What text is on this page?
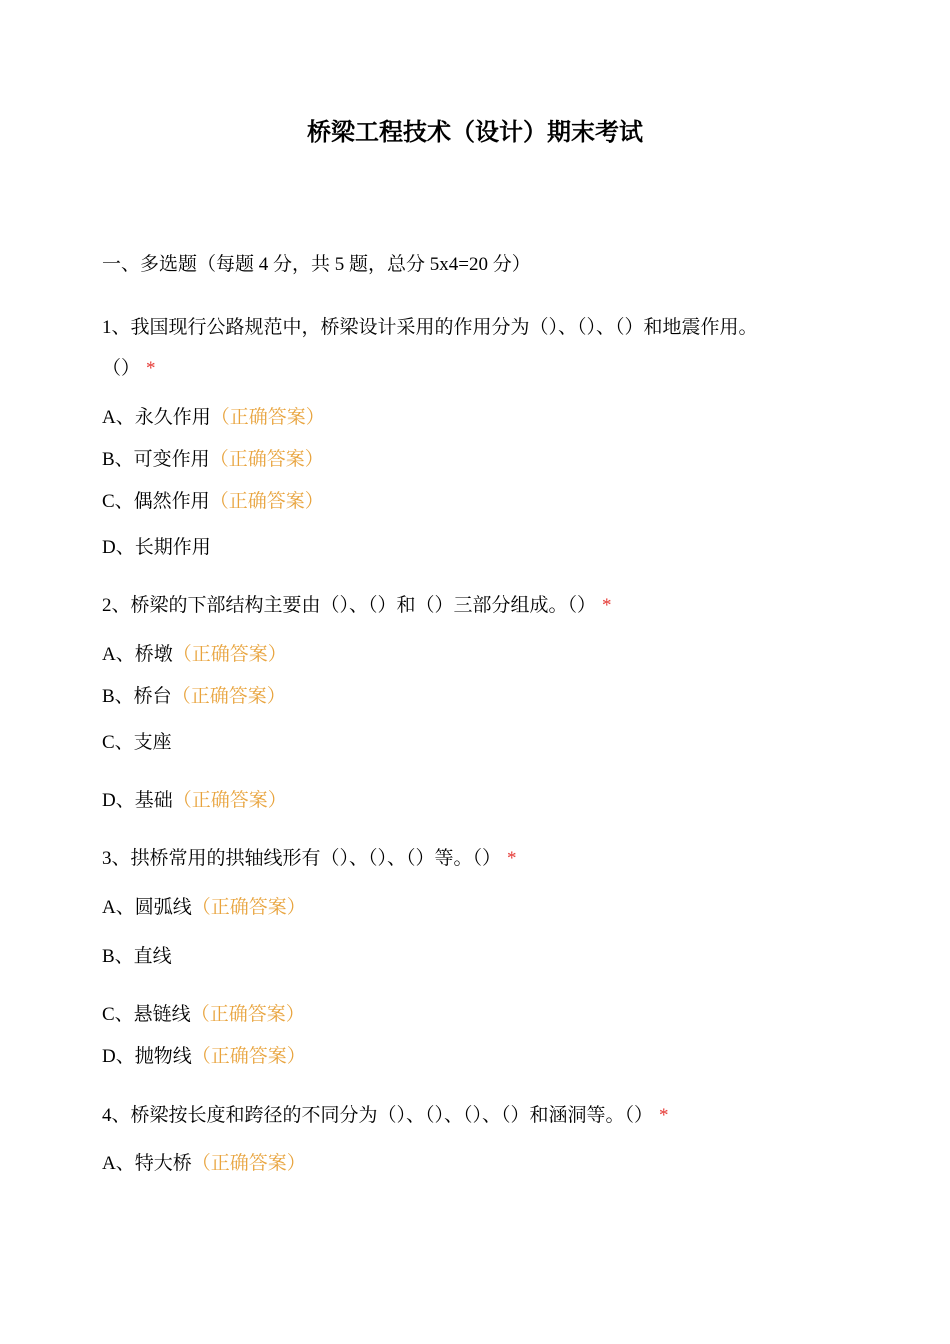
桥梁工程技术（设计）期末考试
一、多选题（每题 4 分，共 5 题，总分 5x4=20 分）
1、我国现行公路规范中，桥梁设计采用的作用分为（）、（）、（）和地震作用。
（） *
A、永久作用（正确答案）
B、可变作用（正确答案）
C、偶然作用（正确答案）
D、长期作用
2、桥梁的下部结构主要由（）、（）和（）三部分组成。（） *
A、桥墩（正确答案）
B、桥台（正确答案）
C、支座
D、基础（正确答案）
3、拱桥常用的拱轴线形有（）、（）、（）等。（） *
A、圆弧线（正确答案）
B、直线
C、悬链线（正确答案）
D、抛物线（正确答案）
4、桥梁按长度和跨径的不同分为（）、（）、（）、（）和涵洞等。（） *
A、特大桥（正确答案）
